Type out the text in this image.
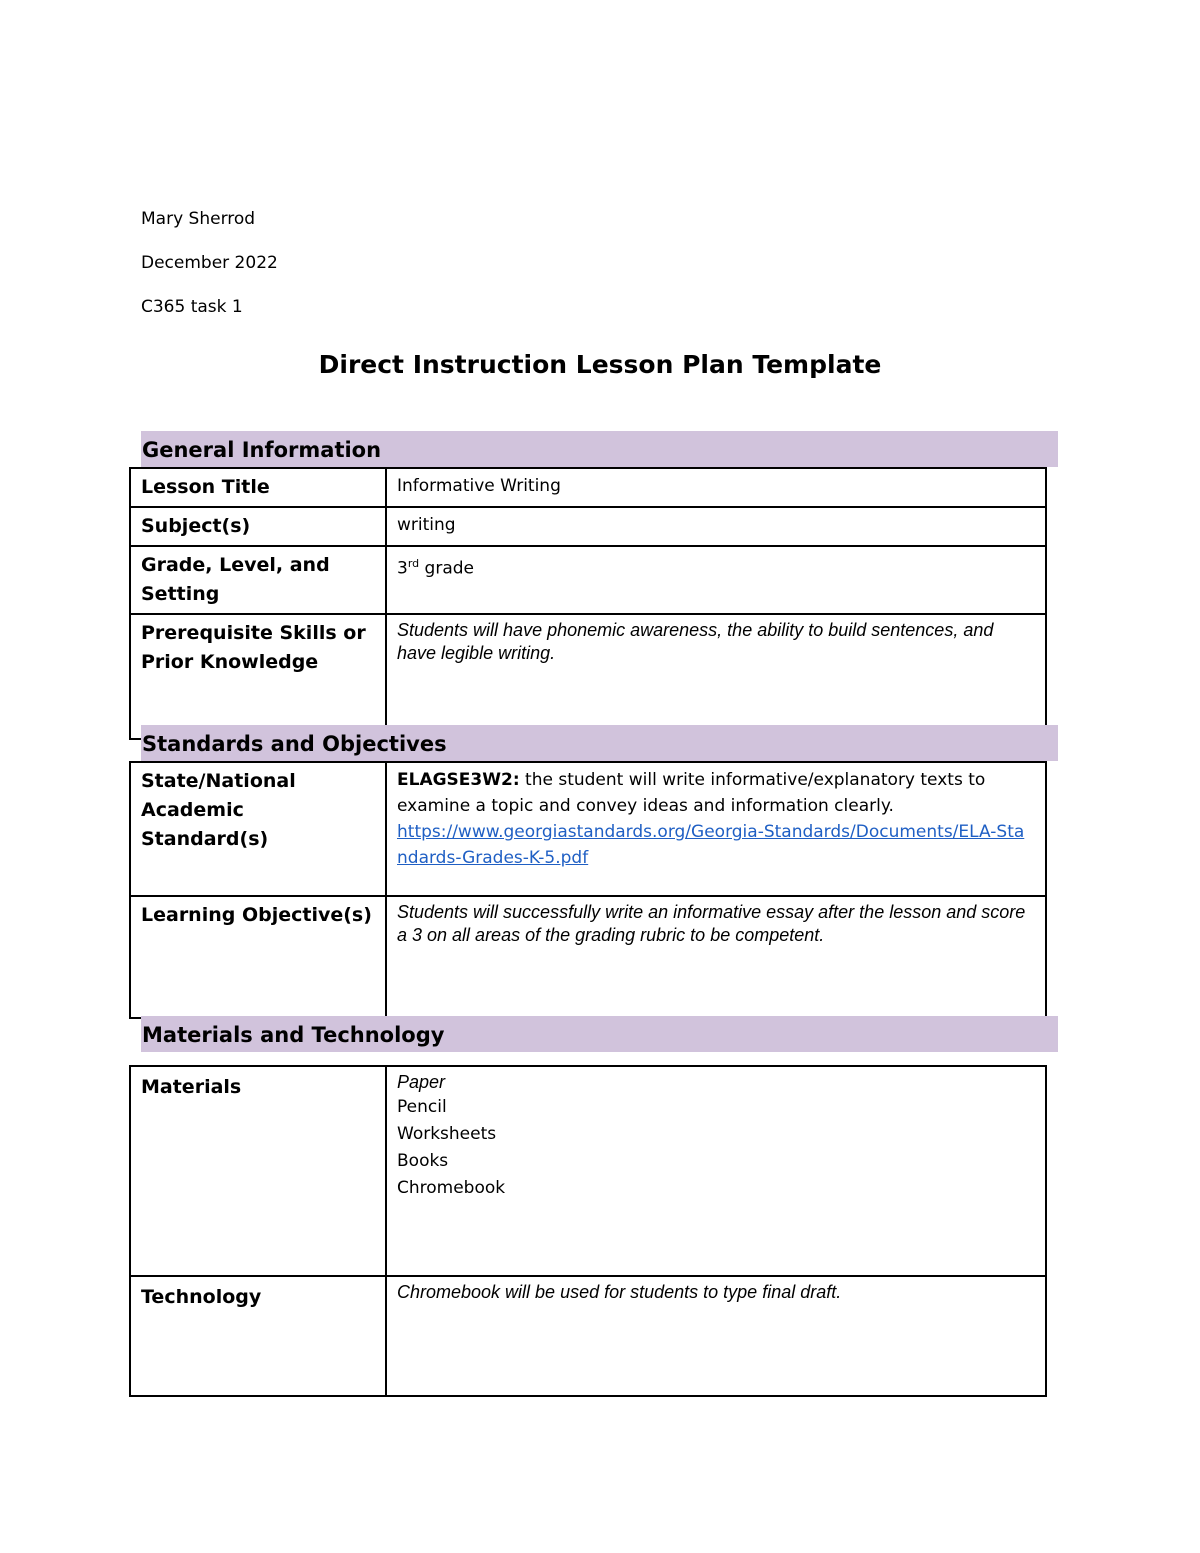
Mary Sherrod
December 2022
C365 task 1
Direct Instruction Lesson Plan Template
General Information
Lesson Title	Informative Writing
Subject(s)	writing
Grade, Level, and Setting	3rd grade
Prerequisite Skills or Prior Knowledge	Students will have phonemic awareness, the ability to build sentences, and have legible writing.
Standards and Objectives
State/National Academic Standard(s)	ELAGSE3W2: the student will write informative/explanatory texts to examine a topic and convey ideas and information clearly.
https://www.georgiastandards.org/Georgia-Standards/Documents/ELA-Standards-Grades-K-5.pdf
Learning Objective(s)	Students will successfully write an informative essay after the lesson and score a 3 on all areas of the grading rubric to be competent.
Materials and Technology
Materials	Paper
Pencil
Worksheets
Books
Chromebook

Technology	Chromebook will be used for students to type final draft.
